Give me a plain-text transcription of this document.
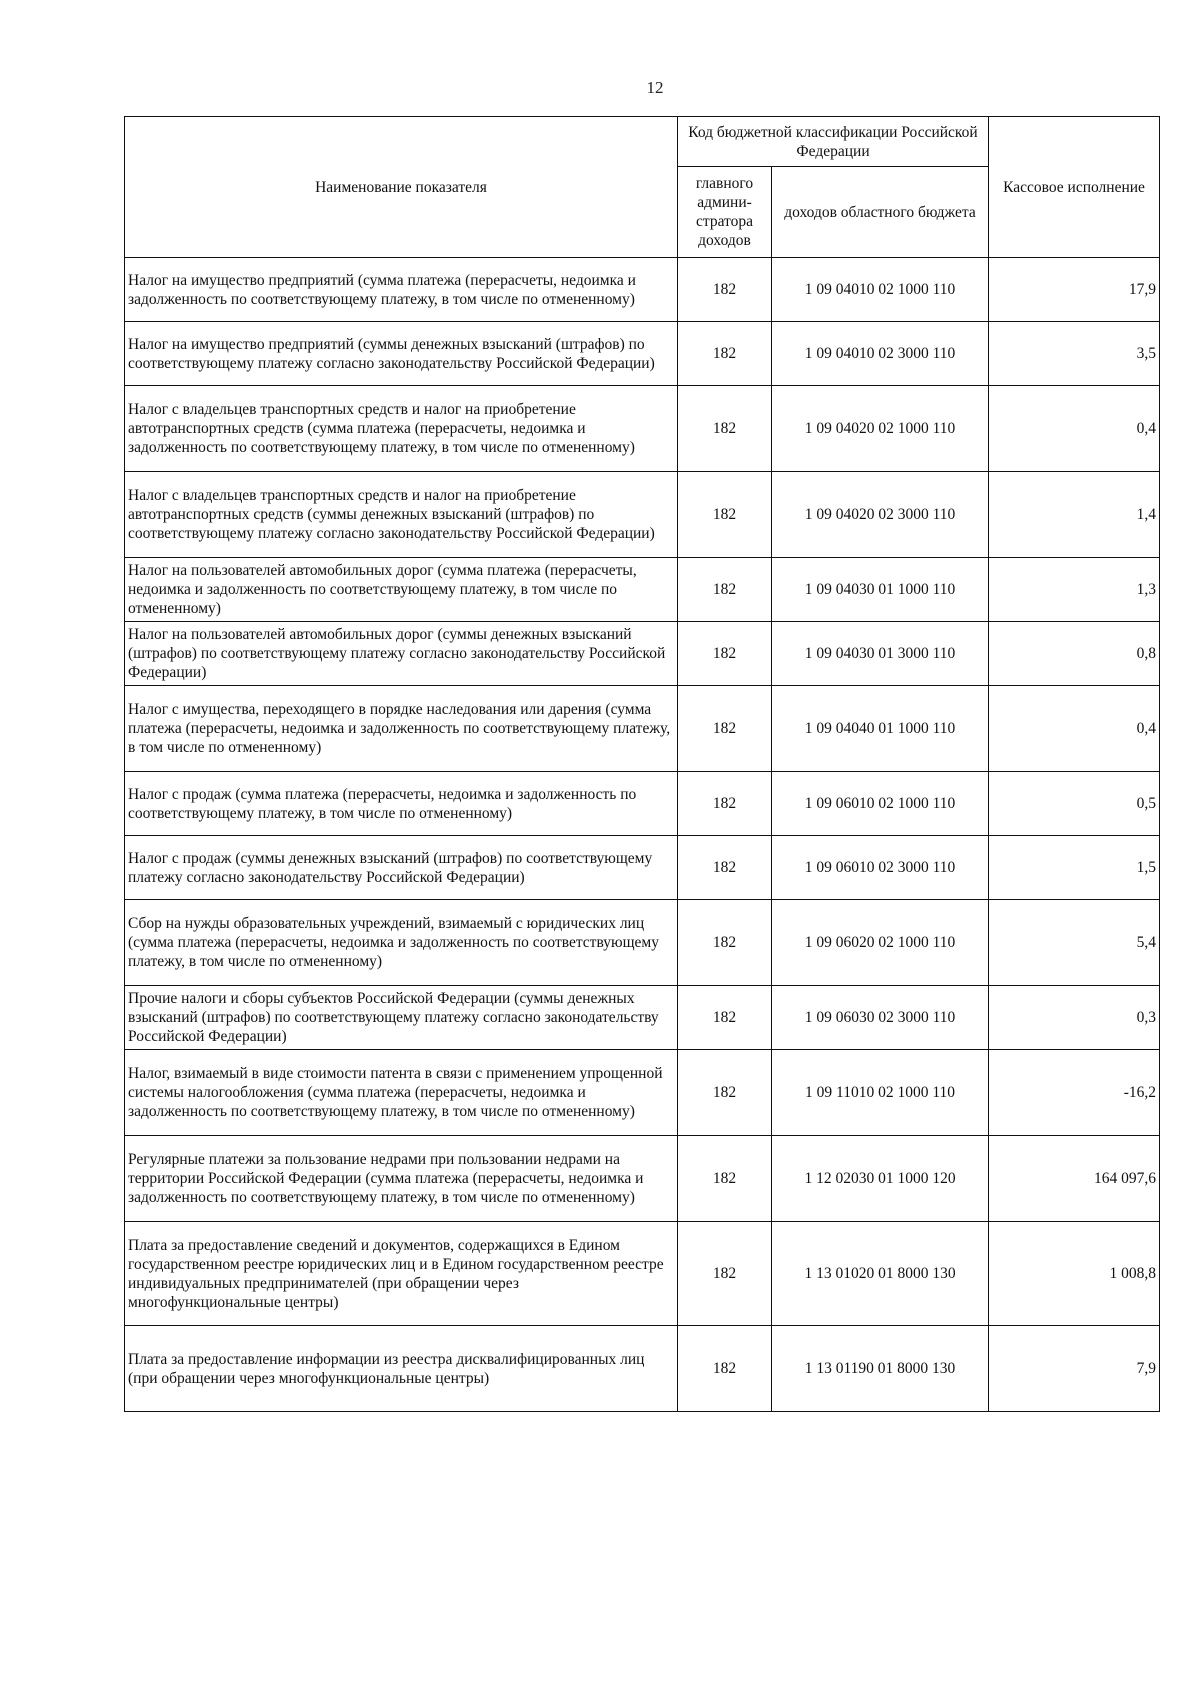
12
Наименование показателя	Код бюджетной классификации Российской Федерации		Кассовое исполнение
	главного админи-стратора доходов	доходов областного бюджета	
Налог на имущество предприятий (сумма платежа (перерасчеты, недоимка и задолженность по соответствующему платежу, в том числе по отмененному)	182	1 09 04010 02 1000 110	17,9
Налог на имущество предприятий (суммы денежных взысканий (штрафов) по соответствующему платежу согласно законодательству Российской Федерации)	182	1 09 04010 02 3000 110	3,5
Налог с владельцев транспортных средств и налог на приобретение автотранспортных средств (сумма платежа (перерасчеты, недоимка и задолженность по соответствующему платежу, в том числе по отмененному)	182	1 09 04020 02 1000 110	0,4
Налог с владельцев транспортных средств и налог на приобретение автотранспортных средств (суммы денежных взысканий (штрафов) по соответствующему платежу согласно законодательству Российской Федерации)	182	1 09 04020 02 3000 110	1,4
Налог на пользователей автомобильных дорог (сумма платежа (перерасчеты, недоимка и задолженность по соответствующему платежу, в том числе по отмененному)	182	1 09 04030 01 1000 110	1,3
Налог на пользователей автомобильных дорог (суммы денежных взысканий (штрафов) по соответствующему платежу согласно законодательству Российской Федерации)	182	1 09 04030 01 3000 110	0,8
Налог с имущества, переходящего в порядке наследования или дарения (сумма платежа (перерасчеты, недоимка и задолженность по соответствующему платежу, в том числе по отмененному)	182	1 09 04040 01 1000 110	0,4
Налог с продаж (сумма платежа (перерасчеты, недоимка и задолженность по соответствующему платежу, в том числе по отмененному)	182	1 09 06010 02 1000 110	0,5
Налог с продаж (суммы денежных взысканий (штрафов) по соответствующему платежу согласно законодательству Российской Федерации)	182	1 09 06010 02 3000 110	1,5
Сбор на нужды образовательных учреждений, взимаемый с юридических лиц (сумма платежа (перерасчеты, недоимка и задолженность по соответствующему платежу, в том числе по отмененному)	182	1 09 06020 02 1000 110	5,4
Прочие налоги и сборы субъектов Российской Федерации (суммы денежных взысканий (штрафов) по соответствующему платежу согласно законодательству Российской Федерации)	182	1 09 06030 02 3000 110	0,3
Налог, взимаемый в виде стоимости патента в связи с применением упрощенной системы налогообложения (сумма платежа (перерасчеты, недоимка и задолженность по соответствующему платежу, в том числе по отмененному)	182	1 09 11010 02 1000 110	-16,2
Регулярные платежи за пользование недрами при пользовании недрами на территории Российской Федерации (сумма платежа (перерасчеты, недоимка и задолженность по соответствующему платежу, в том числе по отмененному)	182	1 12 02030 01 1000 120	164 097,6
Плата за предоставление сведений и документов, содержащихся в Едином государственном реестре юридических лиц и в Едином государственном реестре индивидуальных предпринимателей (при обращении через многофункциональные центры)	182	1 13 01020 01 8000 130	1 008,8
Плата за предоставление информации из реестра дисквалифицированных лиц (при обращении через многофункциональные центры)	182	1 13 01190 01 8000 130	7,9
